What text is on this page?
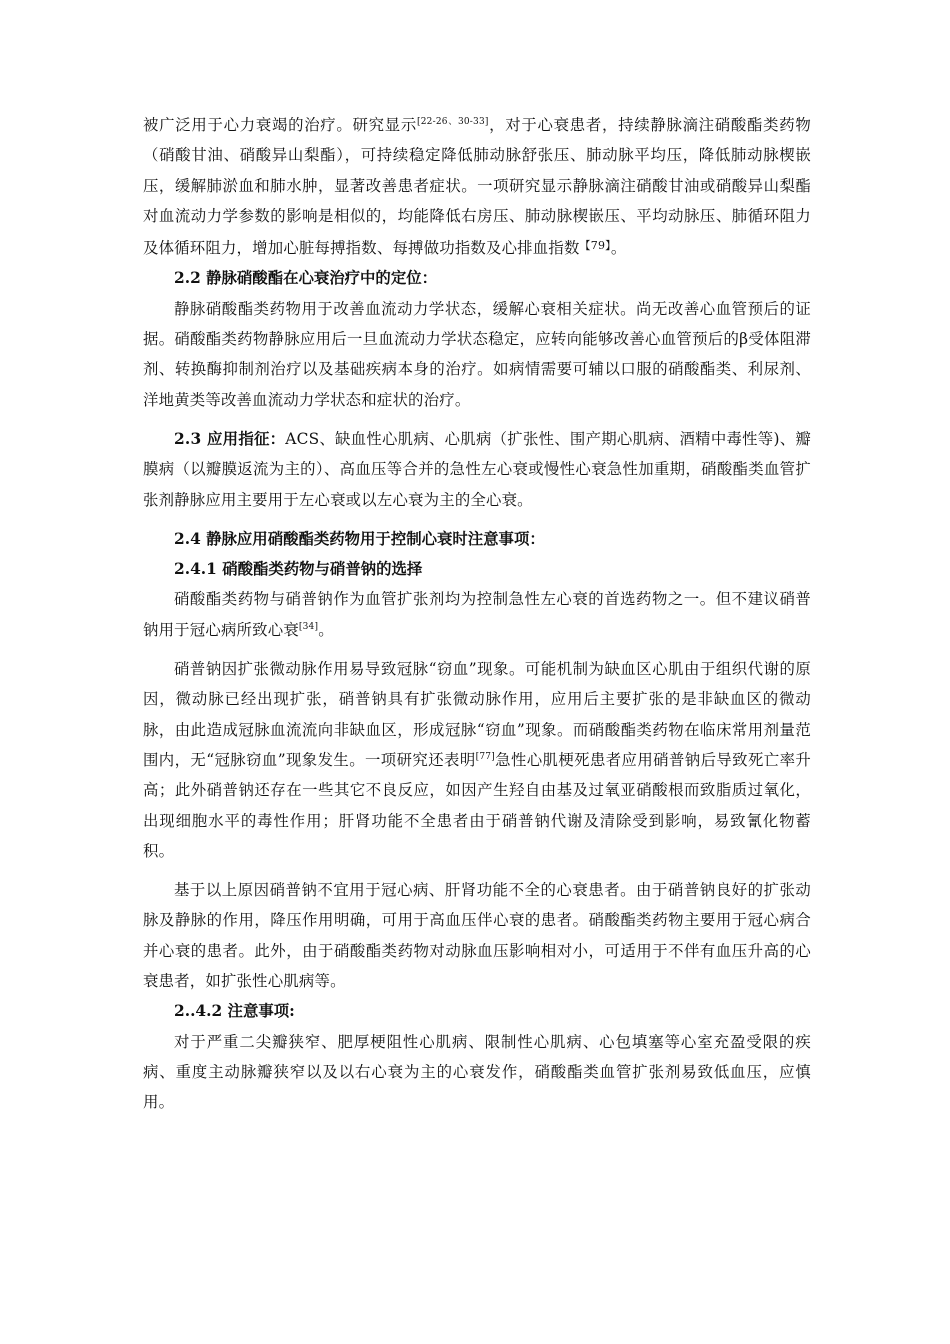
被广泛用于心力衰竭的治疗。研究显示[22-26、30-33]，对于心衰患者，持续静脉滴注硝酸酯类药物（硝酸甘油、硝酸异山梨酯），可持续稳定降低肺动脉舒张压、肺动脉平均压，降低肺动脉楔嵌压，缓解肺淤血和肺水肿，显著改善患者症状。一项研究显示静脉滴注硝酸甘油或硝酸异山梨酯对血流动力学参数的影响是相似的，均能降低右房压、肺动脉楔嵌压、平均动脉压、肺循环阻力及体循环阻力，增加心脏每搏指数、每搏做功指数及心排血指数$^{【79】}$。

2.2 静脉硝酸酯在心衰治疗中的定位：

静脉硝酸酯类药物用于改善血流动力学状态，缓解心衰相关症状。尚无改善心血管预后的证据。硝酸酯类药物静脉应用后一旦血流动力学状态稳定，应转向能够改善心血管预后的β受体阻滞剂、转换酶抑制剂治疗以及基础疾病本身的治疗。如病情需要可辅以口服的硝酸酯类、利尿剂、洋地黄类等改善血流动力学状态和症状的治疗。

2.3 应用指征：ACS、缺血性心肌病、心肌病（扩张性、围产期心肌病、酒精中毒性等)、瓣膜病（以瓣膜返流为主的）、高血压等合并的急性左心衰或慢性心衰急性加重期，硝酸酯类血管扩张剂静脉应用主要用于左心衰或以左心衰为主的全心衰。

2.4 静脉应用硝酸酯类药物用于控制心衰时注意事项：

2.4.1 硝酸酯类药物与硝普钠的选择

硝酸酯类药物与硝普钠作为血管扩张剂均为控制急性左心衰的首选药物之一。但不建议硝普钠用于冠心病所致心衰[34]。

硝普钠因扩张微动脉作用易导致冠脉“窃血”现象。可能机制为缺血区心肌由于组织代谢的原因，微动脉已经出现扩张，硝普钠具有扩张微动脉作用，应用后主要扩张的是非缺血区的微动脉，由此造成冠脉血流流向非缺血区，形成冠脉“窃血”现象。而硝酸酯类药物在临床常用剂量范围内，无“冠脉窃血”现象发生。一项研究还表明[77]急性心肌梗死患者应用硝普钠后导致死亡率升高；此外硝普钠还存在一些其它不良反应，如因产生羟自由基及过氧亚硝酸根而致脂质过氧化，出现细胞水平的毒性作用；肝肾功能不全患者由于硝普钠代谢及清除受到影响，易致氰化物蓄积。

基于以上原因硝普钠不宜用于冠心病、肝肾功能不全的心衰患者。由于硝普钠良好的扩张动脉及静脉的作用，降压作用明确，可用于高血压伴心衰的患者。硝酸酯类药物主要用于冠心病合并心衰的患者。此外，由于硝酸酯类药物对动脉血压影响相对小，可适用于不伴有血压升高的心衰患者，如扩张性心肌病等。

2..4.2 注意事项:

对于严重二尖瓣狭窄、肥厚梗阻性心肌病、限制性心肌病、心包填塞等心室充盈受限的疾病、重度主动脉瓣狭窄以及以右心衰为主的心衰发作，硝酸酯类血管扩张剂易致低血压，应慎用。
